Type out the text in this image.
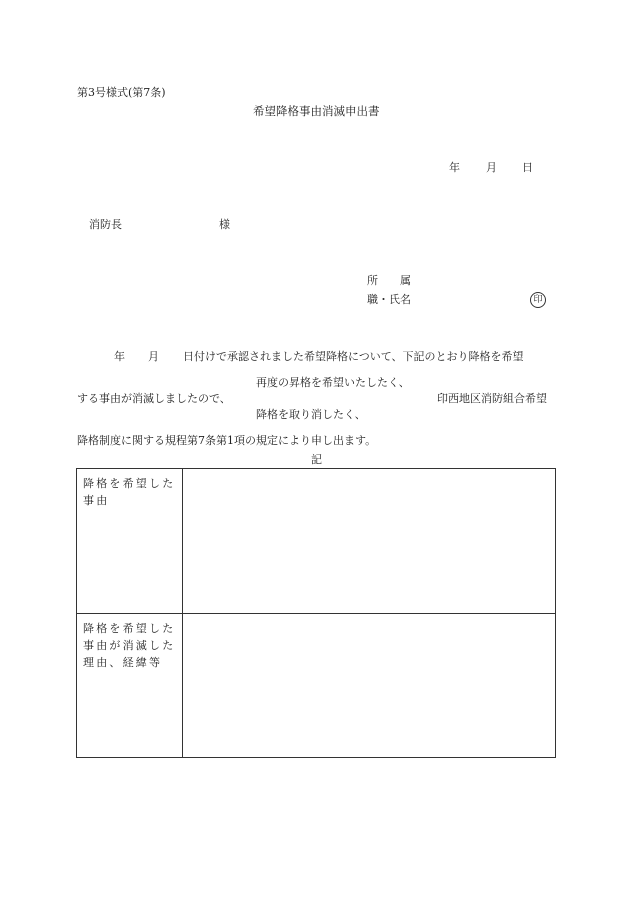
第3号様式(第7条)
希望降格事由消滅申出書
年 月 日
消防長	様
所　　属
職・氏名	印
年 月 日付けで承認されました希望降格について、下記のとおり降格を希望
再度の昇格を希望いたしたく、
する事由が消滅しましたので、	印西地区消防組合希望
降格を取り消したく、
降格制度に関する規程第7条第1項の規定により申し出ます。
記
降格を希望した
事由
降格を希望した
事由が消滅した
理由、経緯等
